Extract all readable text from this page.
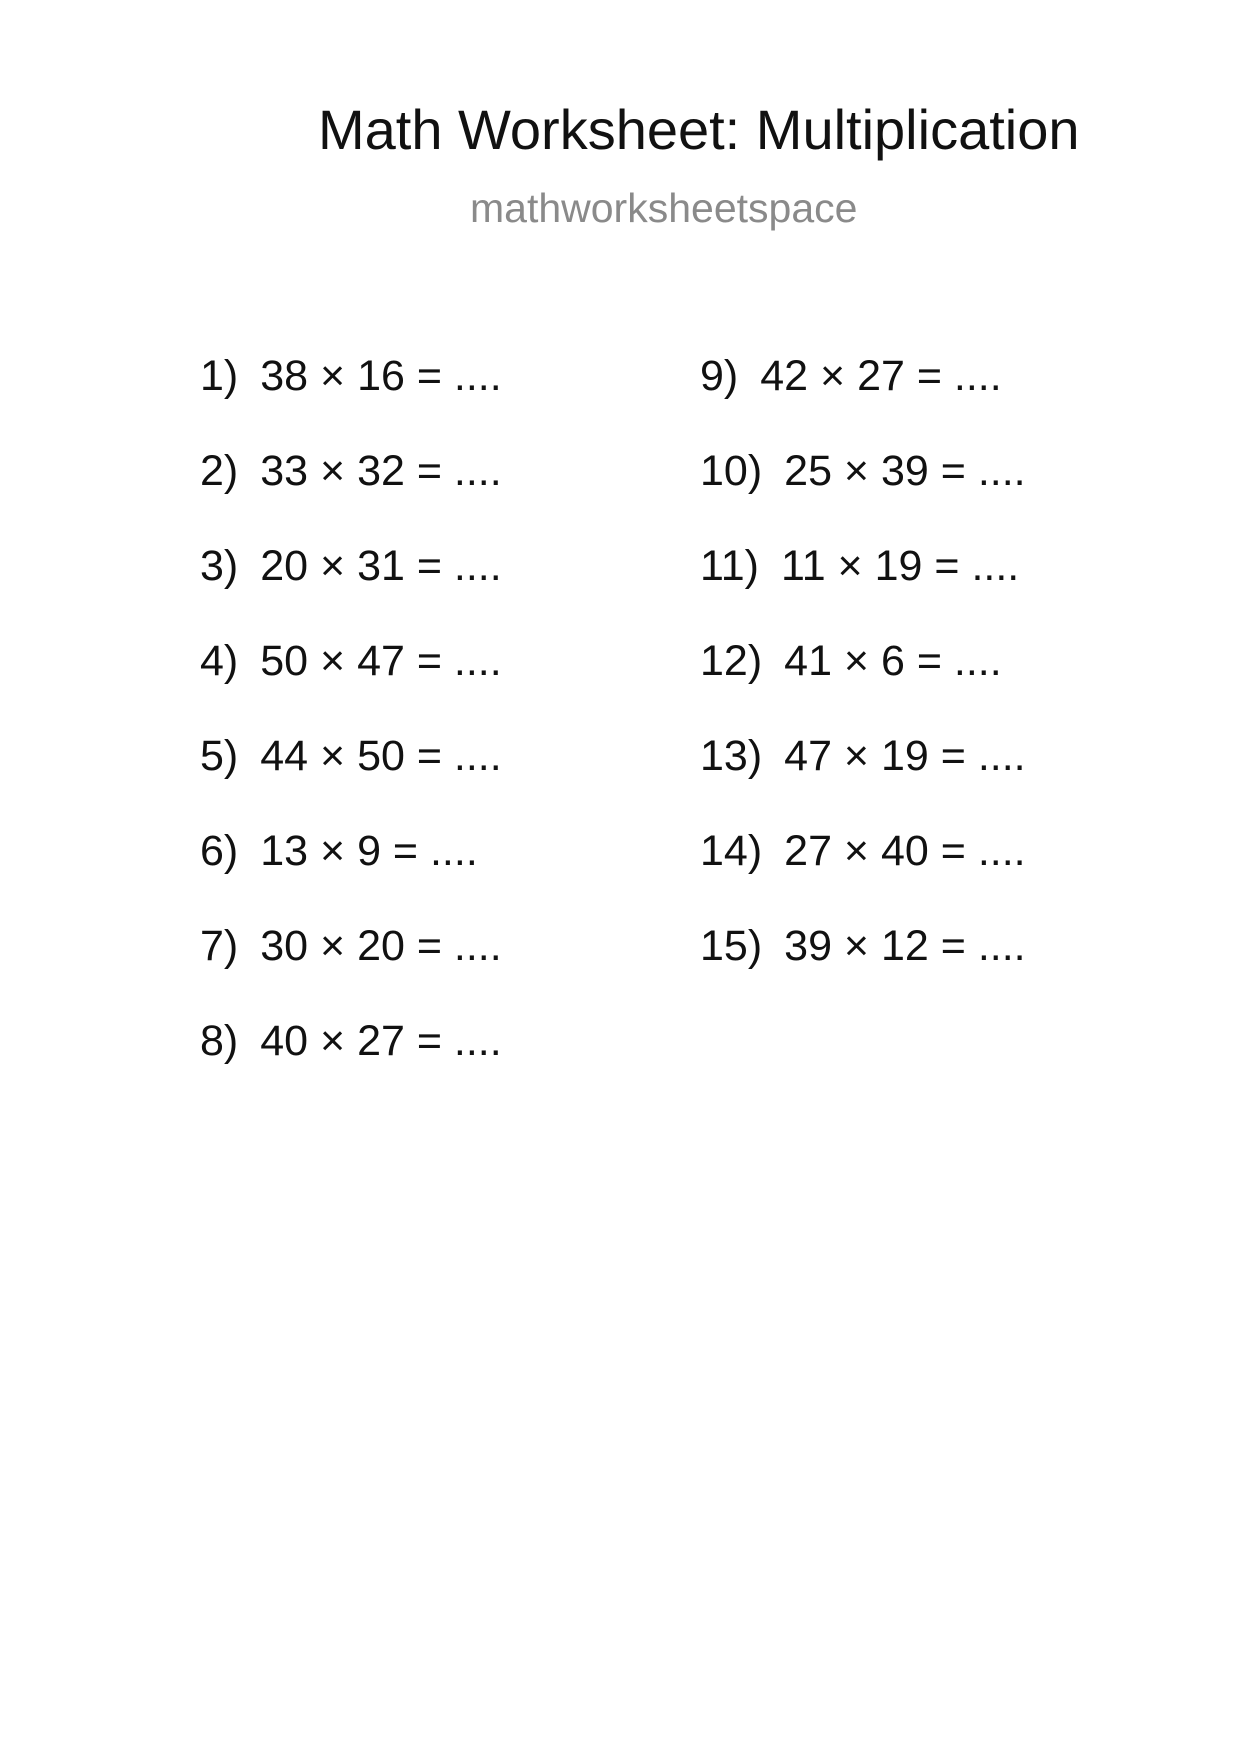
Math Worksheet: Multiplication
mathworksheetspace
1) 38 × 16 = ....
2) 33 × 32 = ....
3) 20 × 31 = ....
4) 50 × 47 = ....
5) 44 × 50 = ....
6) 13 × 9 = ....
7) 30 × 20 = ....
8) 40 × 27 = ....
9) 42 × 27 = ....
10) 25 × 39 = ....
11) 11 × 19 = ....
12) 41 × 6 = ....
13) 47 × 19 = ....
14) 27 × 40 = ....
15) 39 × 12 = ....
